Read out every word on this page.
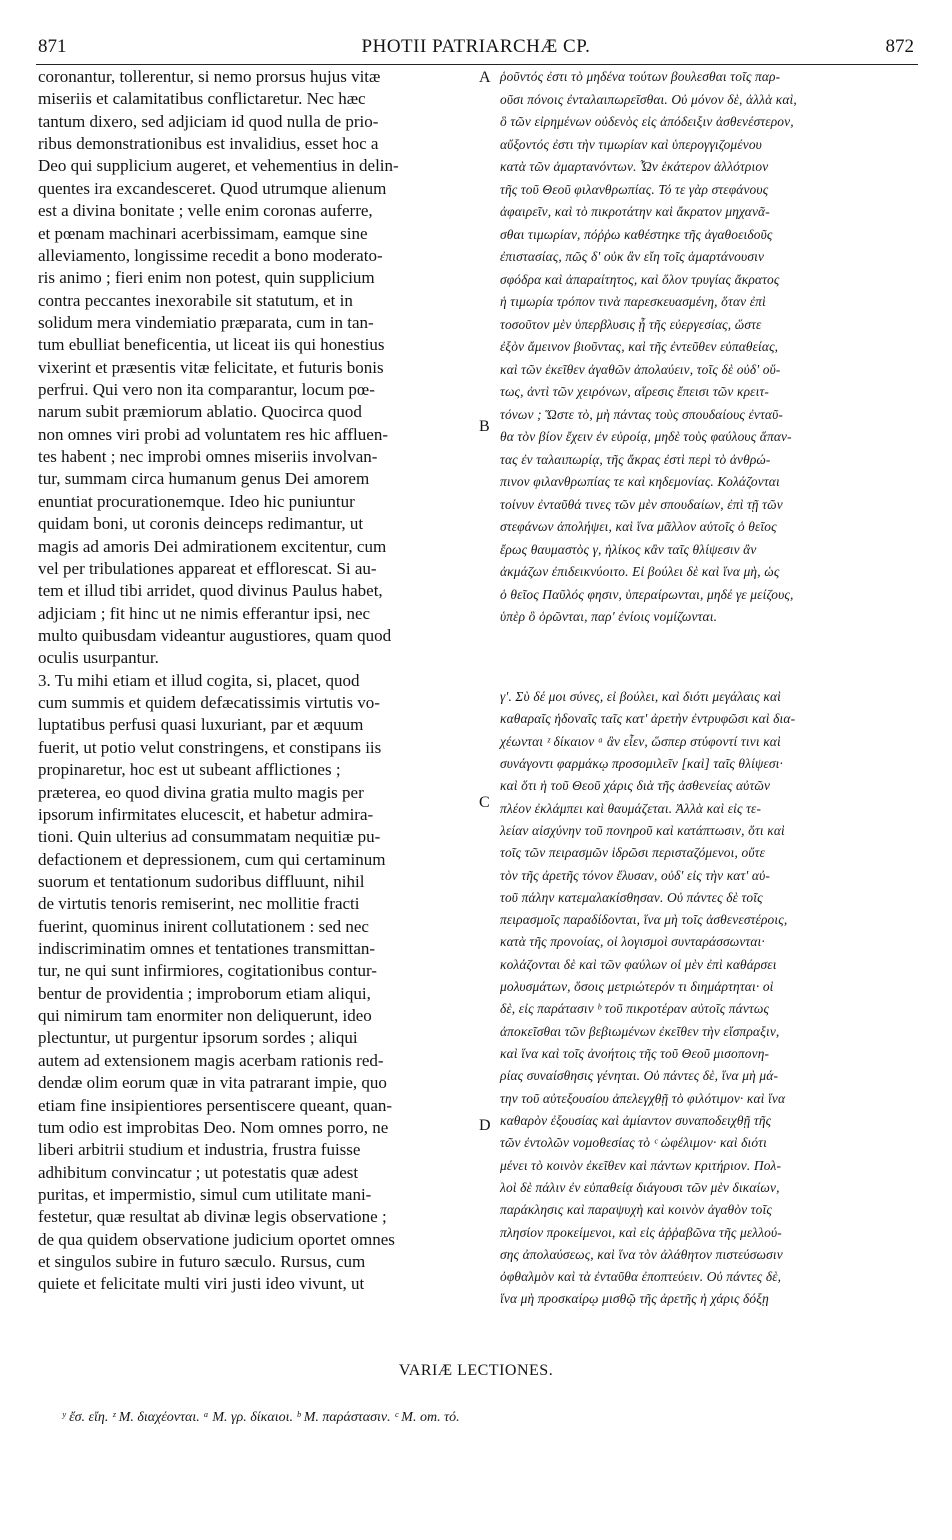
871	PHOTII PATRIARCHÆ CP.	872
coronantur, tollerentur, si nemo prorsus hujus vitæ
miseriis et calamitatibus conflictaretur. Nec hæc
tantum dixero, sed adjiciam id quod nulla de prio-
ribus demonstrationibus est invalidius, esset hoc a
Deo qui supplicium augeret, et vehementius in delin-
quentes ira excandesceret. Quod utrumque alienum
est a divina bonitate ; velle enim coronas auferre,
et pœnam machinari acerbissimam, eamque sine
alleviamento, longissime recedit a bono moderato-
ris animo ; fieri enim non potest, quin supplicium
contra peccantes inexorabile sit statutum, et in
solidum mera vindemiatio præparata, cum in tan-
tum ebulliat beneficentia, ut liceat iis qui honestius
vixerint et præsentis vitæ felicitate, et futuris bonis
perfrui. Qui vero non ita comparantur, locum pœ-
narum subit præmiorum ablatio. Quocirca quod
non omnes viri probi ad voluntatem res hic affluen-
tes habent ; nec improbi omnes miseriis involvan-
tur, summam circa humanum genus Dei amorem
enuntiat procurationemque. Ideo hic puniuntur
quidam boni, ut coronis deinceps redimantur, ut
magis ad amoris Dei admirationem excitentur, cum
vel per tribulationes appareat et efflorescat. Si au-
tem et illud tibi arridet, quod divinus Paulus habet,
adjiciam ; fit hinc ut ne nimis efferantur ipsi, nec
multo quibusdam videantur augustiores, quam quod
oculis usurpantur.
3. Tu mihi etiam et illud cogita, si, placet, quod
cum summis et quidem defæcatissimis virtutis vo-
luptatibus perfusi quasi luxuriant, par et æquum
fuerit, ut potio velut constringens, et constipans iis
propinaretur, hoc est ut subeant afflictiones ;
præterea, eo quod divina gratia multo magis per
ipsorum infirmitates elucescit, et habetur admira-
tioni. Quin ulterius ad consummatam nequitiæ pu-
defactionem et depressionem, cum qui certaminum
suorum et tentationum sudoribus diffluunt, nihil
de virtutis tenoris remiserint, nec mollitie fracti
fuerint, quominus inirent collutationem : sed nec
indiscriminatim omnes et tentationes transmittan-
tur, ne qui sunt infirmiores, cogitationibus contur-
bentur de providentia ; improborum etiam aliqui,
qui nimirum tam enormiter non deliquerunt, ideo
plectuntur, ut purgentur ipsorum sordes ; aliqui
autem ad extensionem magis acerbam rationis red-
dendæ olim eorum quæ in vita patrarant impie, quo
etiam fine insipientiores persentiscere queant, quan-
tum odio est improbitas Deo. Nom omnes porro, ne
liberi arbitrii studium et industria, frustra fuisse
adhibitum convincatur ; ut potestatis quæ adest
puritas, et impermistio, simul cum utilitate mani-
festetur, quæ resultat ab divinæ legis observatione ;
de qua quidem observatione judicium oportet omnes
et singulos subire in futuro sæculo. Rursus, cum
quiete et felicitate multi viri justi ideo vivunt, ut
ῥοῦντός ἐστι τὸ μηδένα τούτων βουλεσθαι τοῖς παρ-
οῦσι πόνοις ἐνταλαιπωρεῖσθαι. Οὐ μόνον δὲ, ἀλλὰ καὶ,
ὃ τῶν εἰρημένων οὐδενὸς εἰς ἀπόδειξιν ἀσθενέστερον,
αὔξοντός ἐστι τὴν τιμωρίαν καὶ ὑπερογγιζομένου
κατὰ τῶν ἁμαρτανόντων. Ὧν ἑκάτερον ἀλλότριον
τῆς τοῦ Θεοῦ φιλανθρωπίας. Τό τε γὰρ στεφάνους
ἀφαιρεῖν, καὶ τὸ πικροτάτην καὶ ἄκρατον μηχανᾶ-
σθαι τιμωρίαν, πόῤῥω καθέστηκε τῆς ἀγαθοειδοῦς
ἐπιστασίας, πῶς δ' οὐκ ἂν εἴη τοῖς ἁμαρτάνουσιν
σφόδρα καὶ ἀπαραίτητος, καὶ ὅλον τρυγίας ἄκρατος
ἡ τιμωρία τρόπον τινὰ παρεσκευασμένη, ὅταν ἐπὶ
τοσοῦτον μὲν ὑπερβλυσις ᾖ τῆς εὐεργεσίας, ὥστε
ἐξὸν ἄμεινον βιοῦντας, καὶ τῆς ἐντεῦθεν εὐπαθείας,
καὶ τῶν ἐκεῖθεν ἀγαθῶν ἀπολαύειν, τοῖς δὲ οὐδ' οὕ-
τως, ἀντὶ τῶν χειρόνων, αἵρεσις ἔπεισι τῶν κρειτ-
τόνων ; Ὥστε τὸ, μὴ πάντας τοὺς σπουδαίους ἐνταῦ-
θα τὸν βίον ἔχειν ἐν εὐροίᾳ, μηδὲ τοὺς φαύλους ἅπαν-
τας ἐν ταλαιπωρίᾳ, τῆς ἄκρας ἐστὶ περὶ τὸ ἀνθρώ-
πινον φιλανθρωπίας τε καὶ κηδεμονίας. Κολάζονται
τοίνυν ἐνταῦθά τινες τῶν μὲν σπουδαίων, ἐπὶ τῇ τῶν
στεφάνων ἀπολήψει, καὶ ἵνα μᾶλλον αὐτοῖς ὁ θεῖος
ἔρως θαυμαστὸς γ, ἡλίκος κἂν ταῖς θλίψεσιν ἂν
ἀκμάζων ἐπιδεικνύοιτο. Εἰ βούλει δὲ καὶ ἵνα μὴ, ὡς
ὁ θεῖος Παῦλός φησιν, ὑπεραίρωνται, μηδέ γε μείζους,
ὑπὲρ ὃ ὁρῶνται, παρ' ἐνίοις νομίζωνται.
γ'. Σὺ δέ μοι σύνες, εἰ βούλει, καὶ διότι μεγάλαις καὶ
καθαραῖς ἡδοναῖς ταῖς κατ' ἀρετὴν ἐντρυφῶσι καὶ δια-
χέωνται ᶻ δίκαιον ᵃ ἂν εἶεν, ὥσπερ στύφοντί τινι καὶ
συνάγοντι φαρμάκῳ προσομιλεῖν [καὶ] ταῖς θλίψεσι·
καὶ ὅτι ἡ τοῦ Θεοῦ χάρις διὰ τῆς ἀσθενείας αὐτῶν
πλέον ἐκλάμπει καὶ θαυμάζεται. Ἀλλὰ καὶ εἰς τε-
λείαν αἰσχύνην τοῦ πονηροῦ καὶ κατάπτωσιν, ὅτι καὶ
τοῖς τῶν πειρασμῶν ἱδρῶσι περισταζόμενοι, οὔτε
τὸν τῆς ἀρετῆς τόνον ἔλυσαν, οὐδ' εἰς τὴν κατ' αὐ-
τοῦ πάλην κατεμαλακίσθησαν. Οὐ πάντες δὲ τοῖς
πειρασμοῖς παραδίδονται, ἵνα μὴ τοῖς ἀσθενεστέροις,
κατὰ τῆς προνοίας, οἱ λογισμοὶ συνταράσσωνται·
κολάζονται δὲ καὶ τῶν φαύλων οἱ μὲν ἐπὶ καθάρσει
μολυσμάτων, ὅσοις μετριώτερόν τι διημάρτηται· οἱ
δὲ, εἰς παράτασιν ᵇ τοῦ πικροτέραν αὐτοῖς πάντως
ἀποκεῖσθαι τῶν βεβιωμένων ἐκεῖθεν τὴν εἴσπραξιν,
καὶ ἵνα καὶ τοῖς ἀνοήτοις τῆς τοῦ Θεοῦ μισοπονη-
ρίας συναίσθησις γένηται. Οὐ πάντες δὲ, ἵνα μὴ μά-
την τοῦ αὐτεξουσίου ἀπελεγχθῇ τὸ φιλότιμον· καὶ ἵνα
καθαρὸν ἐξουσίας καὶ ἀμίαντον συναποδειχθῇ τῆς
τῶν ἐντολῶν νομοθεσίας τὸ ᶜ ὠφέλιμον· καὶ διότι
μένει τὸ κοινὸν ἐκεῖθεν καὶ πάντων κριτήριον. Πολ-
λοὶ δὲ πάλιν ἐν εὐπαθείᾳ διάγουσι τῶν μὲν δικαίων,
παράκλησις καὶ παραψυχὴ καὶ κοινὸν ἀγαθὸν τοῖς
πλησίον προκείμενοι, καὶ εἰς ἀῤῥαβῶνα τῆς μελλού-
σης ἀπολαύσεως, καὶ ἵνα τὸν ἀλάθητον πιστεύσωσιν
ὀφθαλμὸν καὶ τὰ ἐνταῦθα ἐποπτεύειν. Οὐ πάντες δὲ,
ἵνα μὴ προσκαίρῳ μισθῷ τῆς ἀρετῆς ἡ χάρις δόξῃ
A
B
C
D
VARIÆ LECTIONES.
ʸ ἔσ. εἴη. ᶻ M. διαχέονται. ᵃ M. γρ. δίκαιοι. ᵇ M. παράστασιν. ᶜ M. om. τό.
